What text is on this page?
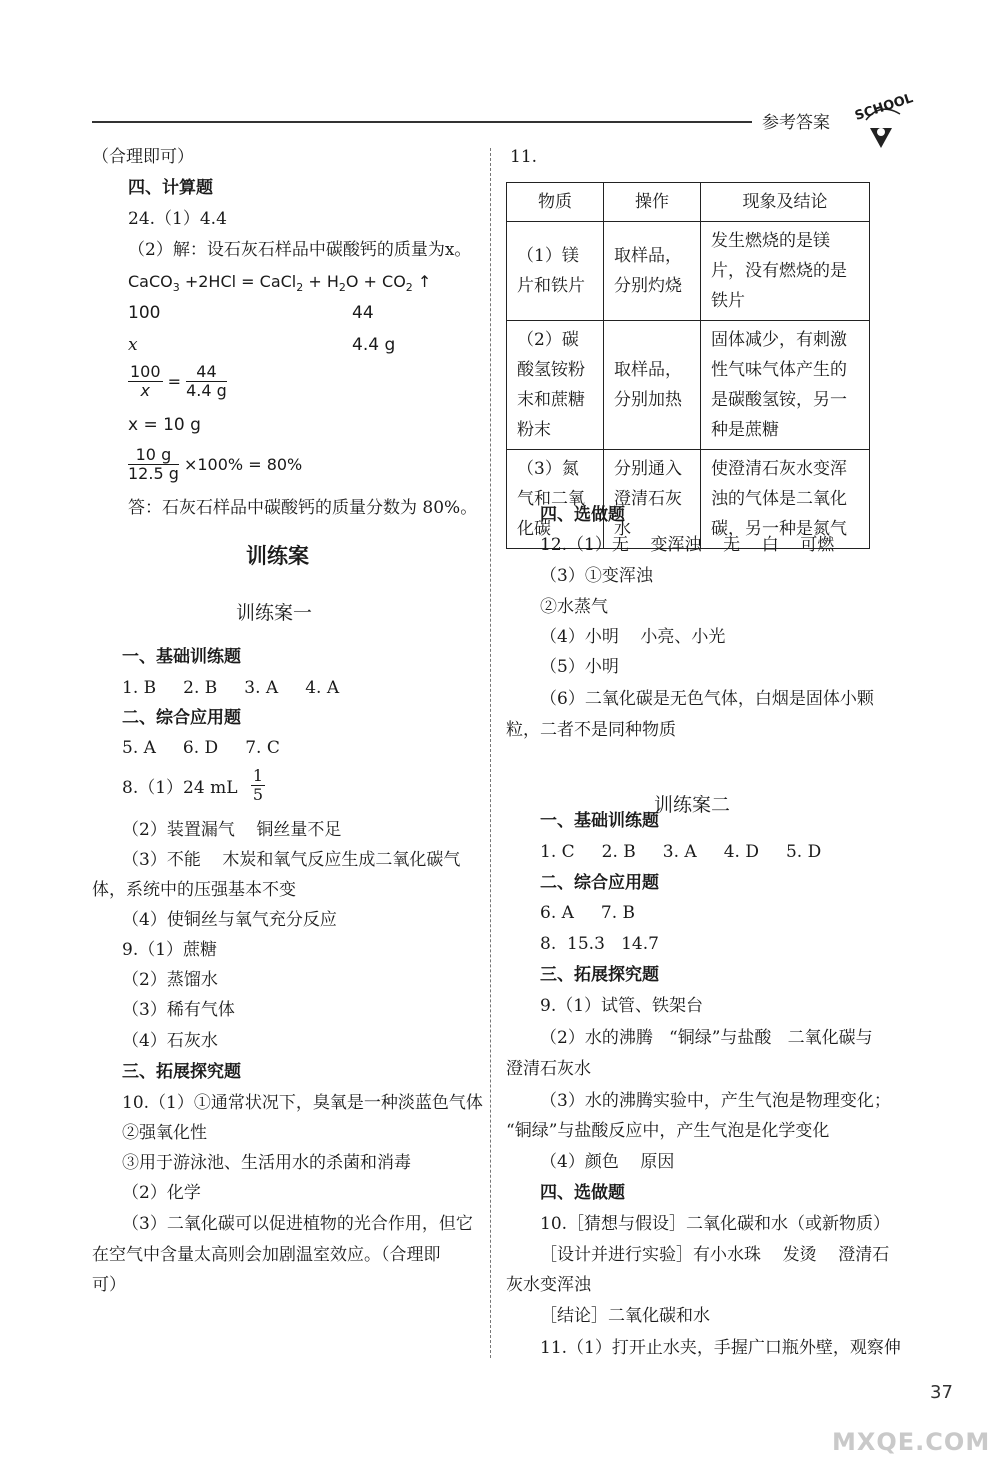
参考答案 SCHOOL
（合理即可）
四、计算题
24.（1）4.4
（2）解：设石灰石样品中碳酸钙的质量为x。
CaCO$_3$ +2HCl = CaCl$_2$ + $H_2O + CO_2$ ↑
100	44
x	4.4 g
$\frac{100}{x} = \frac{44}{4.4 g}$
x = 10 g
$\frac{10 g}{12.5 g} \times 100\% = 80\%$
答：石灰石样品中碳酸钙的质量分数为 80%。
训练案
训练案一
一、基础训练题
1. B     2. B     3. A     4. A
二、综合应用题
5. A     6. D     7. C
8.（1）24 mL $\frac{1}{5}$
（2）装置漏气    铜丝量不足
（3）不能    木炭和氧气反应生成二氧化碳气
体，系统中的压强基本不变
（4）使铜丝与氧气充分反应
9.（1）蔗糖
（2）蒸馏水
（3）稀有气体
（4）石灰水
三、拓展探究题
10.（1）①通常状况下，臭氧是一种淡蓝色气体
②强氧化性
③用于游泳池、生活用水的杀菌和消毒
（2）化学
（3）二氧化碳可以促进植物的光合作用，但它
在空气中含量太高则会加剧温室效应。（合理即
可）
11.
物质	操作	现象及结论
（1）镁片和铁片	取样品，分别灼烧	发生燃烧的是镁片，没有燃烧的是铁片
（2）碳酸氢铵粉末和蔗糖粉末	取样品，分别加热	固体减少，有刺激性气味气体产生的是碳酸氢铵，另一种是蔗糖
（3）氮气和二氧化碳	分别通入澄清石灰水	使澄清石灰水变浑浊的气体是二氧化碳，另一种是氮气
四、选做题
12.（1）无    变浑浊    无    白    可燃
（3）①变浑浊
②水蒸气
（4）小明    小亮、小光
（5）小明
（6）二氧化碳是无色气体，白烟是固体小颗
粒，二者不是同种物质
训练案二
一、基础训练题
1. C     2. B     3. A     4. D     5. D
二、综合应用题
6. A     7. B
8.  15.3   14.7
三、拓展探究题
9.（1）试管、铁架台
（2）水的沸腾   “铜绿”与盐酸   二氧化碳与
澄清石灰水
（3）水的沸腾实验中，产生气泡是物理变化；
“铜绿”与盐酸反应中，产生气泡是化学变化
（4）颜色    原因
四、选做题
10.［猜想与假设］二氧化碳和水（或新物质）
［设计并进行实验］有小水珠    发烫    澄清石
灰水变浑浊
［结论］二氧化碳和水
11.（1）打开止水夹，手握广口瓶外壁，观察伸
37
MXQE.COM
